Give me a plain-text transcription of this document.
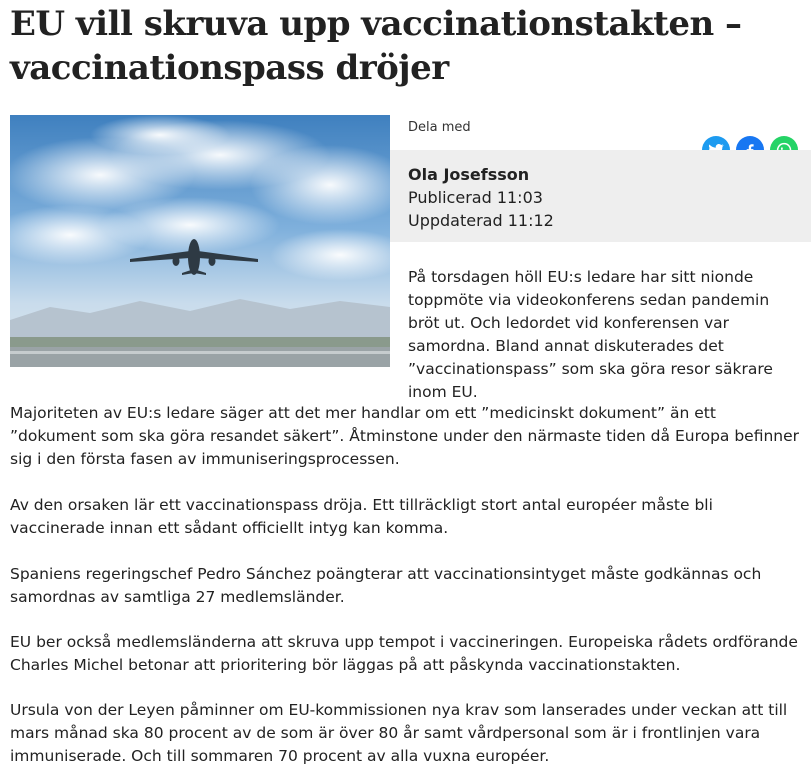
EU vill skruva upp vaccinationstakten – vaccinationspass dröjer
Dela med
Ola Josefsson
Publicerad 11:03
Uppdaterad 11:12

På torsdagen höll EU:s ledare har sitt nionde toppmöte via videokonferens sedan pandemin bröt ut. Och ledordet vid konferensen var samordna. Bland annat diskuterades det ”vaccinationspass” som ska göra resor säkrare inom EU.

Majoriteten av EU:s ledare säger att det mer handlar om ett ”medicinskt dokument” än ett ”dokument som ska göra resandet säkert”. Åtminstone under den närmaste tiden då Europa befinner sig i den första fasen av immuniseringsprocessen.

Av den orsaken lär ett vaccinationspass dröja. Ett tillräckligt stort antal européer måste bli vaccinerade innan ett sådant officiellt intyg kan komma.

Spaniens regeringschef Pedro Sánchez poängterar att vaccinationsintyget måste godkännas och samordnas av samtliga 27 medlemsländer.

EU ber också medlemsländerna att skruva upp tempot i vaccineringen. Europeiska rådets ordförande Charles Michel betonar att prioritering bör läggas på att påskynda vaccinationstakten.

Ursula von der Leyen påminner om EU-kommissionen nya krav som lanserades under veckan att till mars månad ska 80 procent av de som är över 80 år samt vårdpersonal som är i frontlinjen vara immuniserade. Och till sommaren 70 procent av alla vuxna européer.
